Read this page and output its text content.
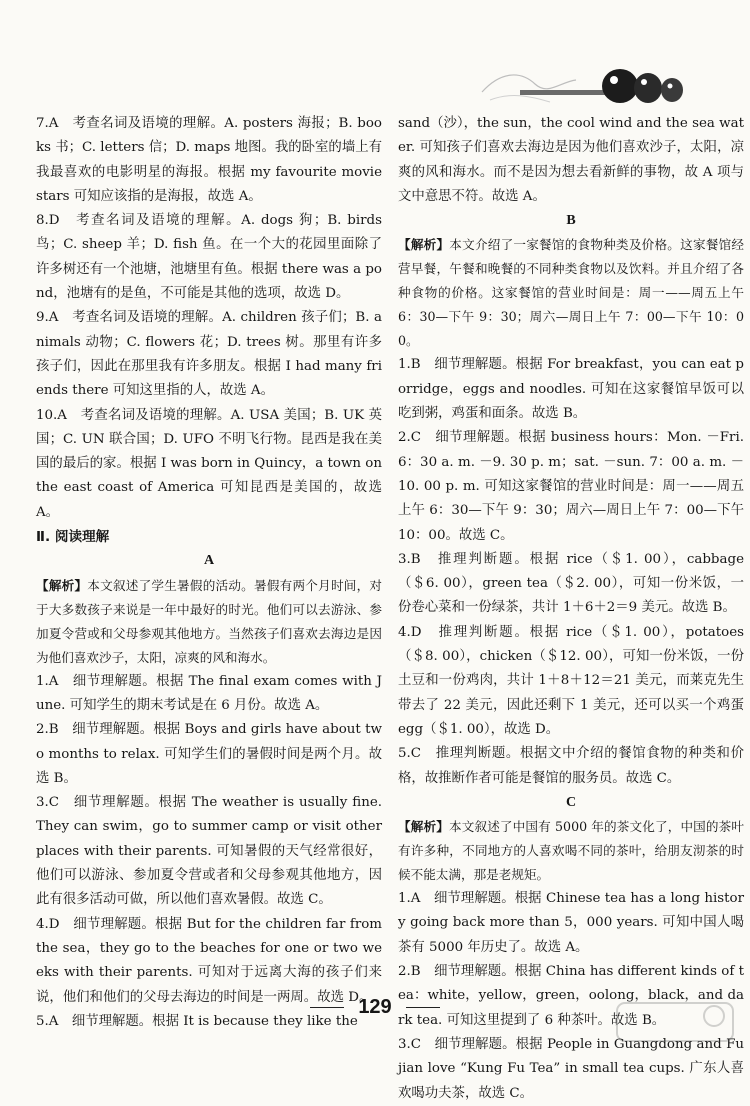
7.A　考查名词及语境的理解。A. posters 海报；B. books 书；C. letters 信；D. maps 地图。我的卧室的墙上有我最喜欢的电影明星的海报。根据 my favourite movie stars 可知应该指的是海报，故选 A。

8.D　考查名词及语境的理解。A. dogs 狗；B. birds 鸟；C. sheep 羊；D. fish 鱼。在一个大的花园里面除了许多树还有一个池塘，池塘里有鱼。根据 there was a pond，池塘有的是鱼，不可能是其他的选项，故选 D。

9.A　考查名词及语境的理解。A. children 孩子们；B. animals 动物；C. flowers 花；D. trees 树。那里有许多孩子们，因此在那里我有许多朋友。根据 I had many friends there 可知这里指的人，故选 A。

10.A　考查名词及语境的理解。A. USA 美国；B. UK 英国；C. UN 联合国；D. UFO 不明飞行物。昆西是我在美国的最后的家。根据 I was born in Quincy，a town on the east coast of America 可知昆西是美国的，故选 A。

Ⅱ. 阅读理解

A

【解析】本文叙述了学生暑假的活动。暑假有两个月时间，对于大多数孩子来说是一年中最好的时光。他们可以去游泳、参加夏令营或和父母参观其他地方。当然孩子们喜欢去海边是因为他们喜欢沙子，太阳，凉爽的风和海水。

1.A　细节理解题。根据 The final exam comes with June. 可知学生的期末考试是在 6 月份。故选 A。

2.B　细节理解题。根据 Boys and girls have about two months to relax. 可知学生们的暑假时间是两个月。故选 B。

3.C　细节理解题。根据 The weather is usually fine. They can swim，go to summer camp or visit other places with their parents. 可知暑假的天气经常很好，他们可以游泳、参加夏令营或者和父母参观其他地方，因此有很多活动可做，所以他们喜欢暑假。故选 C。

4.D　细节理解题。根据 But for the children far from the sea，they go to the beaches for one or two weeks with their parents. 可知对于远离大海的孩子们来说，他们和他们的父母去海边的时间是一两周。故选 D。

5.A　细节理解题。根据 It is because they like the

sand（沙），the sun，the cool wind and the sea water. 可知孩子们喜欢去海边是因为他们喜欢沙子，太阳，凉爽的风和海水。而不是因为想去看新鲜的事物，故 A 项与文中意思不符。故选 A。

B

【解析】本文介绍了一家餐馆的食物种类及价格。这家餐馆经营早餐，午餐和晚餐的不同种类食物以及饮料。并且介绍了各种食物的价格。这家餐馆的营业时间是：周一——周五上午 6：30—下午 9：30；周六—周日上午 7：00—下午 10：00。

1.B　细节理解题。根据 For breakfast，you can eat porridge，eggs and noodles. 可知在这家餐馆早饭可以吃到粥，鸡蛋和面条。故选 B。

2.C　细节理解题。根据 business hours：Mon. －Fri. 6：30 a. m. －9. 30 p. m；sat. －sun. 7：00 a. m. －10. 00 p. m. 可知这家餐馆的营业时间是：周一——周五上午 6：30—下午 9：30；周六—周日上午 7：00—下午 10：00。故选 C。

3.B　推理判断题。根据 rice（＄1. 00），cabbage（＄6. 00），green tea（＄2. 00），可知一份米饭，一份卷心菜和一份绿茶，共计 1＋6＋2＝9 美元。故选 B。

4.D　推理判断题。根据 rice（＄1. 00），potatoes（＄8. 00），chicken（＄12. 00），可知一份米饭，一份土豆和一份鸡肉，共计 1＋8＋12＝21 美元，而莱克先生带去了 22 美元，因此还剩下 1 美元，还可以买一个鸡蛋 egg（＄1. 00），故选 D。

5.C　推理判断题。根据文中介绍的餐馆食物的种类和价格，故推断作者可能是餐馆的服务员。故选 C。

C

【解析】本文叙述了中国有 5000 年的茶文化了，中国的茶叶有许多种，不同地方的人喜欢喝不同的茶叶，给朋友沏茶的时候不能太满，那是老规矩。

1.A　细节理解题。根据 Chinese tea has a long history going back more than 5，000 years. 可知中国人喝茶有 5000 年历史了。故选 A。

2.B　细节理解题。根据 China has different kinds of tea：white，yellow，green，oolong，black，and dark tea. 可知这里提到了 6 种茶叶。故选 B。

3.C　细节理解题。根据 People in Guangdong and Fujian love “Kung Fu Tea” in small tea cups. 广东人喜欢喝功夫茶，故选 C。

129
